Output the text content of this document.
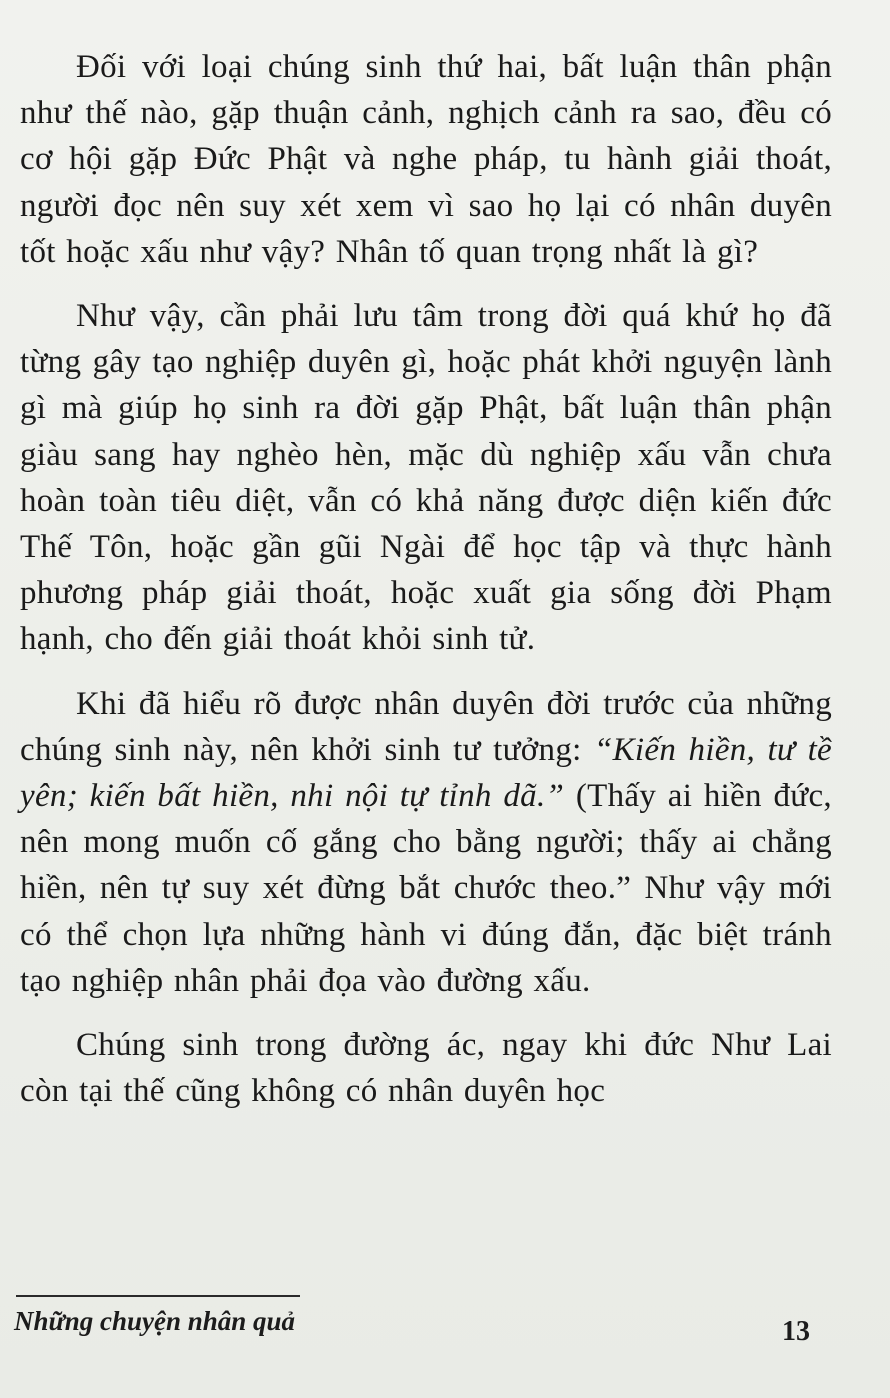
Đối với loại chúng sinh thứ hai, bất luận thân phận như thế nào, gặp thuận cảnh, nghịch cảnh ra sao, đều có cơ hội gặp Đức Phật và nghe pháp, tu hành giải thoát, người đọc nên suy xét xem vì sao họ lại có nhân duyên tốt hoặc xấu như vậy? Nhân tố quan trọng nhất là gì?

Như vậy, cần phải lưu tâm trong đời quá khứ họ đã từng gây tạo nghiệp duyên gì, hoặc phát khởi nguyện lành gì mà giúp họ sinh ra đời gặp Phật, bất luận thân phận giàu sang hay nghèo hèn, mặc dù nghiệp xấu vẫn chưa hoàn toàn tiêu diệt, vẫn có khả năng được diện kiến đức Thế Tôn, hoặc gần gũi Ngài để học tập và thực hành phương pháp giải thoát, hoặc xuất gia sống đời Phạm hạnh, cho đến giải thoát khỏi sinh tử.

Khi đã hiểu rõ được nhân duyên đời trước của những chúng sinh này, nên khởi sinh tư tưởng: “Kiến hiền, tư tề yên; kiến bất hiền, nhi nội tự tỉnh dã.” (Thấy ai hiền đức, nên mong muốn cố gắng cho bằng người; thấy ai chẳng hiền, nên tự suy xét đừng bắt chước theo.” Như vậy mới có thể chọn lựa những hành vi đúng đắn, đặc biệt tránh tạo nghiệp nhân phải đọa vào đường xấu.

Chúng sinh trong đường ác, ngay khi đức Như Lai còn tại thế cũng không có nhân duyên học

Những chuyện nhân quả	13
